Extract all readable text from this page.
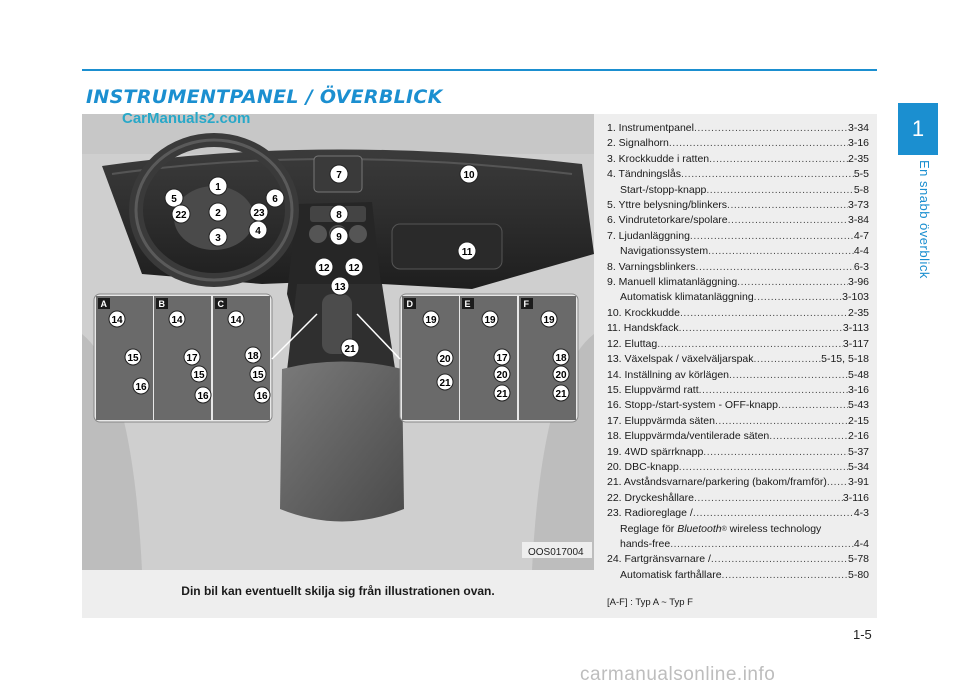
INSTRUMENTPANEL / ÖVERBLICK
1
En snabb överblick
A	B	C	D	E	F
1
2
3
4
5	6
7
8
9
10
11
12 12
13
21
22	23
14
15
16
14
17
15
16
14
18
15
16
19
20
21
19
17
20
21
19
18
20
21
CarManuals2.com
OOS017004
Din bil kan eventuellt skilja sig från illustrationen ovan.
1. Instrumentpanel .....	3-34
2. Signalhorn .....	3-16
3. Krockkudde i ratten .....	2-35
4. Tändningslås .....	5-5
Start-/stopp-knapp .....	5-8
5. Yttre belysning/blinkers .....	3-73
6. Vindrutetorkare/spolare .....	3-84
7. Ljudanläggning .....	4-7
Navigationssystem .....	4-4
8. Varningsblinkers .....	6-3
9. Manuell klimatanläggning .....	3-96
Automatisk klimatanläggning .....	3-103
10. Krockkudde .....	2-35
11. Handskfack .....	3-113
12. Eluttag .....	3-117
13. Växelspak / växelväljarspak .....	5-15, 5-18
14. Inställning av körlägen .....	5-48
15. Eluppvärmd ratt .....	3-16
16. Stopp-/start-system - OFF-knapp .....	5-43
17. Eluppvärmda säten .....	2-15
18. Eluppvärmda/ventilerade säten .....	2-16
19. 4WD spärrknapp .....	5-37
20. DBC-knapp .....	5-34
21. Avståndsvarnare/parkering (bakom/framför) ..... 3-91
22. Dryckeshållare .....	3-116
23. Radioreglage / .....	4-3
Reglage för Bluetooth ® wireless technology
hands-free .....	4-4
24. Fartgränsvarnare / .....	5-78
Automatisk farthållare .....	5-80
[A-F] : Typ A ~ Typ F
1-5
carmanualsonline.info
